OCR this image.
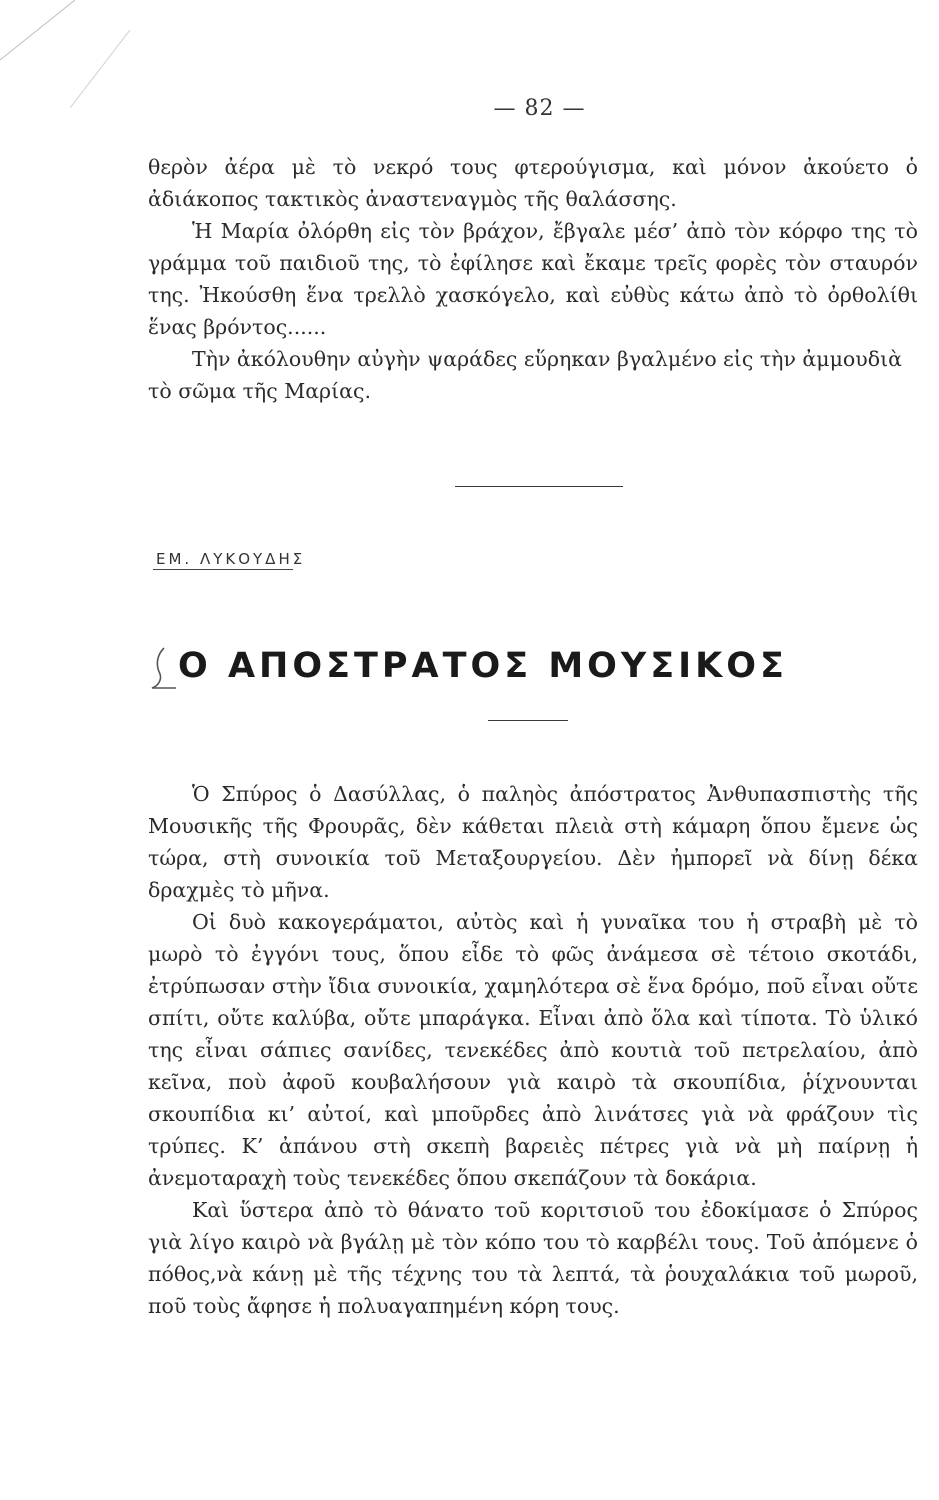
— 82 —

θερὸν ἀέρα μὲ τὸ νεκρό τους φτερούγισμα, καὶ μόνον ἀκούετο ὁ ἀδιάκοπος τακτικὸς ἀναστεναγμὸς τῆς θαλάσσης.

Ἡ Μαρία ὀλόρθη εἰς τὸν βράχον, ἔβγαλε μέσ’ ἀπὸ τὸν κόρφο της τὸ γράμμα τοῦ παιδιοῦ της, τὸ ἐφίλησε καὶ ἔκαμε τρεῖς φορὲς τὸν σταυρόν της. Ἠκούσθη ἕνα τρελλὸ χασκόγελο, καὶ εὐθὺς κάτω ἀπὸ τὸ ὀρθολίθι ἕνας βρόντος......

Τὴν ἀκόλουθην αὐγὴν ψαράδες εὕρηκαν βγαλμένο εἰς τὴν ἀμμουδιὰ τὸ σῶμα τῆς Μαρίας.

ΕΜ. ΛΥΚΟΥΔΗΣ
Ο ΑΠΟΣΤΡΑΤΟΣ ΜΟΥΣΙΚΟΣ

Ὁ Σπύρος ὁ Δασύλλας, ὁ παληὸς ἀπόστρατος Ἀνθυπασπιστὴς τῆς Μουσικῆς τῆς Φρουρᾶς, δὲν κάθεται πλειὰ στὴ κάμαρη ὅπου ἔμενε ὡς τώρα, στὴ συνοικία τοῦ Μεταξουργείου. Δὲν ἠμπορεῖ νὰ δίνῃ δέκα δραχμὲς τὸ μῆνα.

Οἱ δυὸ κακογεράματοι, αὐτὸς καὶ ἡ γυναῖκα του ἡ στραβὴ μὲ τὸ μωρὸ τὸ ἐγγόνι τους, ὅπου εἶδε τὸ φῶς ἀνάμεσα σὲ τέτοιο σκοτάδι, ἐτρύπωσαν στὴν ἴδια συνοικία, χαμηλότερα σὲ ἕνα δρόμο, ποῦ εἶναι οὔτε σπίτι, οὔτε καλύβα, οὔτε μπαράγκα. Εἶναι ἀπὸ ὅλα καὶ τίποτα. Τὸ ὑλικό της εἶναι σάπιες σανίδες, τενεκέδες ἀπὸ κουτιὰ τοῦ πετρελαίου, ἀπὸ κεῖνα, ποὺ ἀφοῦ κουβαλήσουν γιὰ καιρὸ τὰ σκουπίδια, ῥίχνουνται σκουπίδια κι’ αὐτοί, καὶ μποῦρδες ἀπὸ λινάτσες γιὰ νὰ φράζουν τὶς τρύπες. Κ’ ἀπάνου στὴ σκεπὴ βαρειὲς πέτρες γιὰ νὰ μὴ παίρνῃ ἡ ἀνεμοταραχὴ τοὺς τενεκέδες ὅπου σκεπάζουν τὰ δοκάρια.

Καὶ ὕστερα ἀπὸ τὸ θάνατο τοῦ κοριτσιοῦ του ἐδοκίμασε ὁ Σπύρος γιὰ λίγο καιρὸ νὰ βγάλῃ μὲ τὸν κόπο του τὸ καρβέλι τους. Τοῦ ἀπόμενε ὁ πόθος,νὰ κάνῃ μὲ τῆς τέχνης του τὰ λεπτά, τὰ ῥουχαλάκια τοῦ μωροῦ, ποῦ τοὺς ἄφησε ἡ πολυαγαπημένη κόρη τους.
